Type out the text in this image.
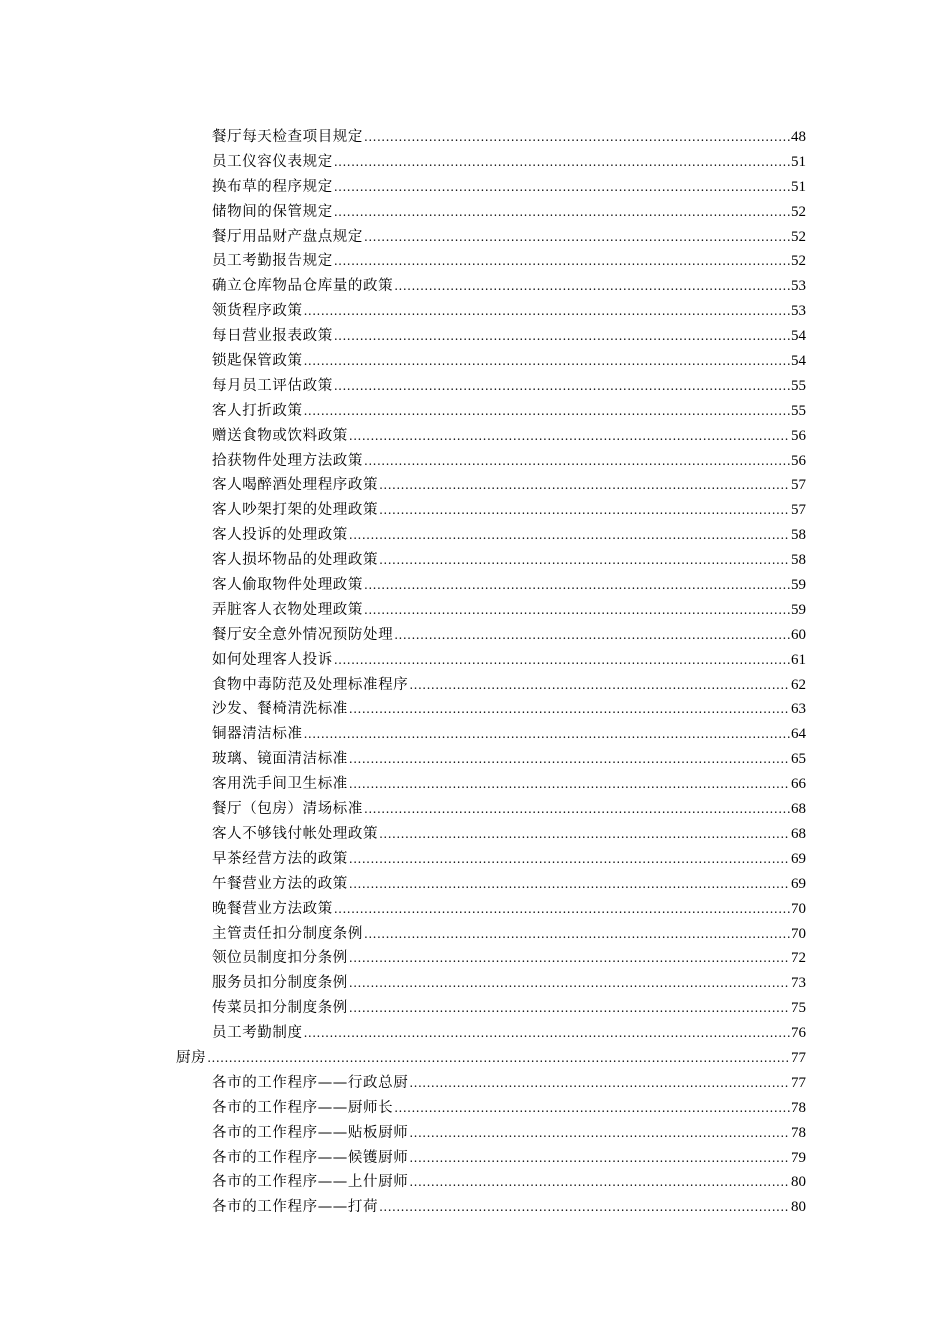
餐厅每天检查项目规定 .....	48
员工仪容仪表规定 .....	51
换布草的程序规定 .....	51
储物间的保管规定 .....	52
餐厅用品财产盘点规定 .....	52
员工考勤报告规定 .....	52
确立仓库物品仓库量的政策 .....	53
领货程序政策 .....	53
每日营业报表政策 .....	54
锁匙保管政策 .....	54
每月员工评估政策 .....	55
客人打折政策 .....	55
赠送食物或饮料政策 .....	56
拾获物件处理方法政策 .....	56
客人喝醉酒处理程序政策 .....	57
客人吵架打架的处理政策 .....	57
客人投诉的处理政策 .....	58
客人损坏物品的处理政策 .....	58
客人偷取物件处理政策 .....	59
弄脏客人衣物处理政策 .....	59
餐厅安全意外情况预防处理 .....	60
如何处理客人投诉 .....	61
食物中毒防范及处理标准程序 .....	62
沙发、餐椅清洗标准 .....	63
铜器清洁标准 .....	64
玻璃、镜面清洁标准 .....	65
客用洗手间卫生标准 .....	66
餐厅（包房）清场标准 .....	68
客人不够钱付帐处理政策 .....	68
早茶经营方法的政策 .....	69
午餐营业方法的政策 .....	69
晚餐营业方法政策 .....	70
主管责任扣分制度条例 .....	70
领位员制度扣分条例 .....	72
服务员扣分制度条例 .....	73
传菜员扣分制度条例 .....	75
员工考勤制度 .....	76
厨房 .....	77
各市的工作程序——行政总厨 .....	77
各市的工作程序——厨师长 .....	78
各市的工作程序——贴板厨师 .....	78
各市的工作程序——候镬厨师 .....	79
各市的工作程序——上什厨师 .....	80
各市的工作程序——打荷 .....	80
